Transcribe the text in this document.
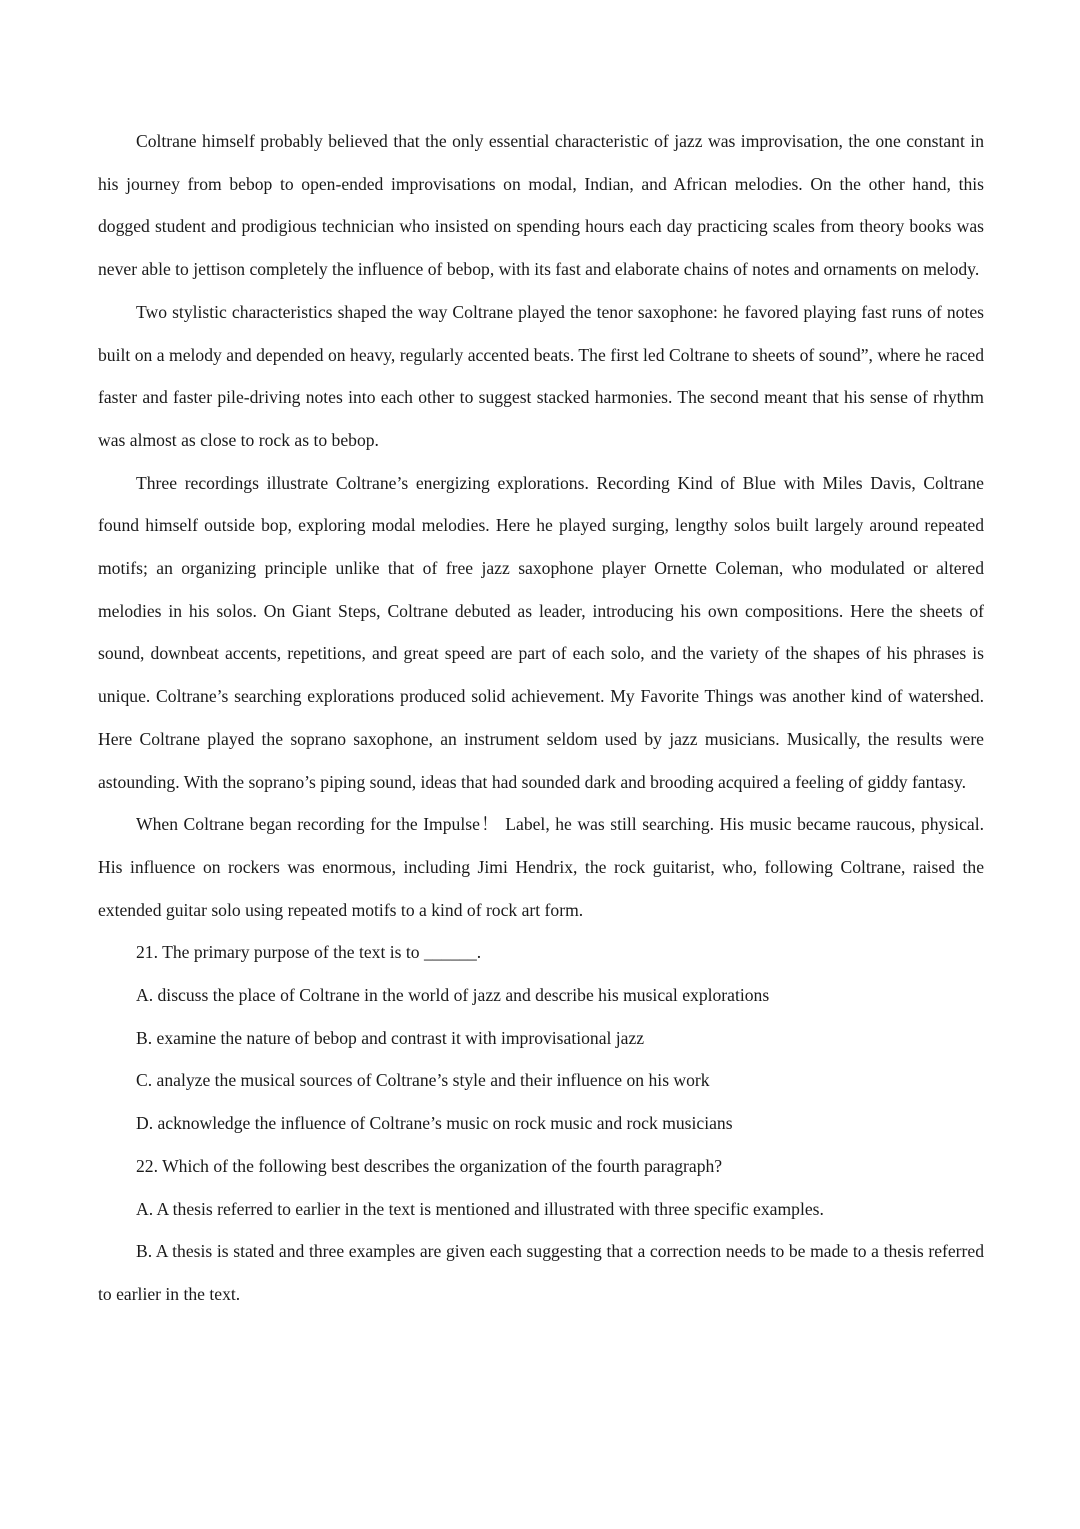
Coltrane himself probably believed that the only essential characteristic of jazz was improvisation, the one constant in his journey from bebop to open-ended improvisations on modal, Indian, and African melodies. On the other hand, this dogged student and prodigious technician who insisted on spending hours each day practicing scales from theory books was never able to jettison completely the influence of bebop, with its fast and elaborate chains of notes and ornaments on melody.

Two stylistic characteristics shaped the way Coltrane played the tenor saxophone: he favored playing fast runs of notes built on a melody and depended on heavy, regularly accented beats. The first led Coltrane to sheets of sound”, where he raced faster and faster pile-driving notes into each other to suggest stacked harmonies. The second meant that his sense of rhythm was almost as close to rock as to bebop.

Three recordings illustrate Coltrane’s energizing explorations. Recording Kind of Blue with Miles Davis, Coltrane found himself outside bop, exploring modal melodies. Here he played surging, lengthy solos built largely around repeated motifs; an organizing principle unlike that of free jazz saxophone player Ornette Coleman, who modulated or altered melodies in his solos. On Giant Steps, Coltrane debuted as leader, introducing his own compositions. Here the sheets of sound, downbeat accents, repetitions, and great speed are part of each solo, and the variety of the shapes of his phrases is unique. Coltrane’s searching explorations produced solid achievement. My Favorite Things was another kind of watershed. Here Coltrane played the soprano saxophone, an instrument seldom used by jazz musicians. Musically, the results were astounding. With the soprano’s piping sound, ideas that had sounded dark and brooding acquired a feeling of giddy fantasy.

When Coltrane began recording for the Impulse！ Label, he was still searching. His music became raucous, physical. His influence on rockers was enormous, including Jimi Hendrix, the rock guitarist, who, following Coltrane, raised the extended guitar solo using repeated motifs to a kind of rock art form.

21. The primary purpose of the text is to ______.

A. discuss the place of Coltrane in the world of jazz and describe his musical explorations

B. examine the nature of bebop and contrast it with improvisational jazz

C. analyze the musical sources of Coltrane’s style and their influence on his work

D. acknowledge the influence of Coltrane’s music on rock music and rock musicians

22. Which of the following best describes the organization of the fourth paragraph?

A. A thesis referred to earlier in the text is mentioned and illustrated with three specific examples.

B. A thesis is stated and three examples are given each suggesting that a correction needs to be made to a thesis referred to earlier in the text.
